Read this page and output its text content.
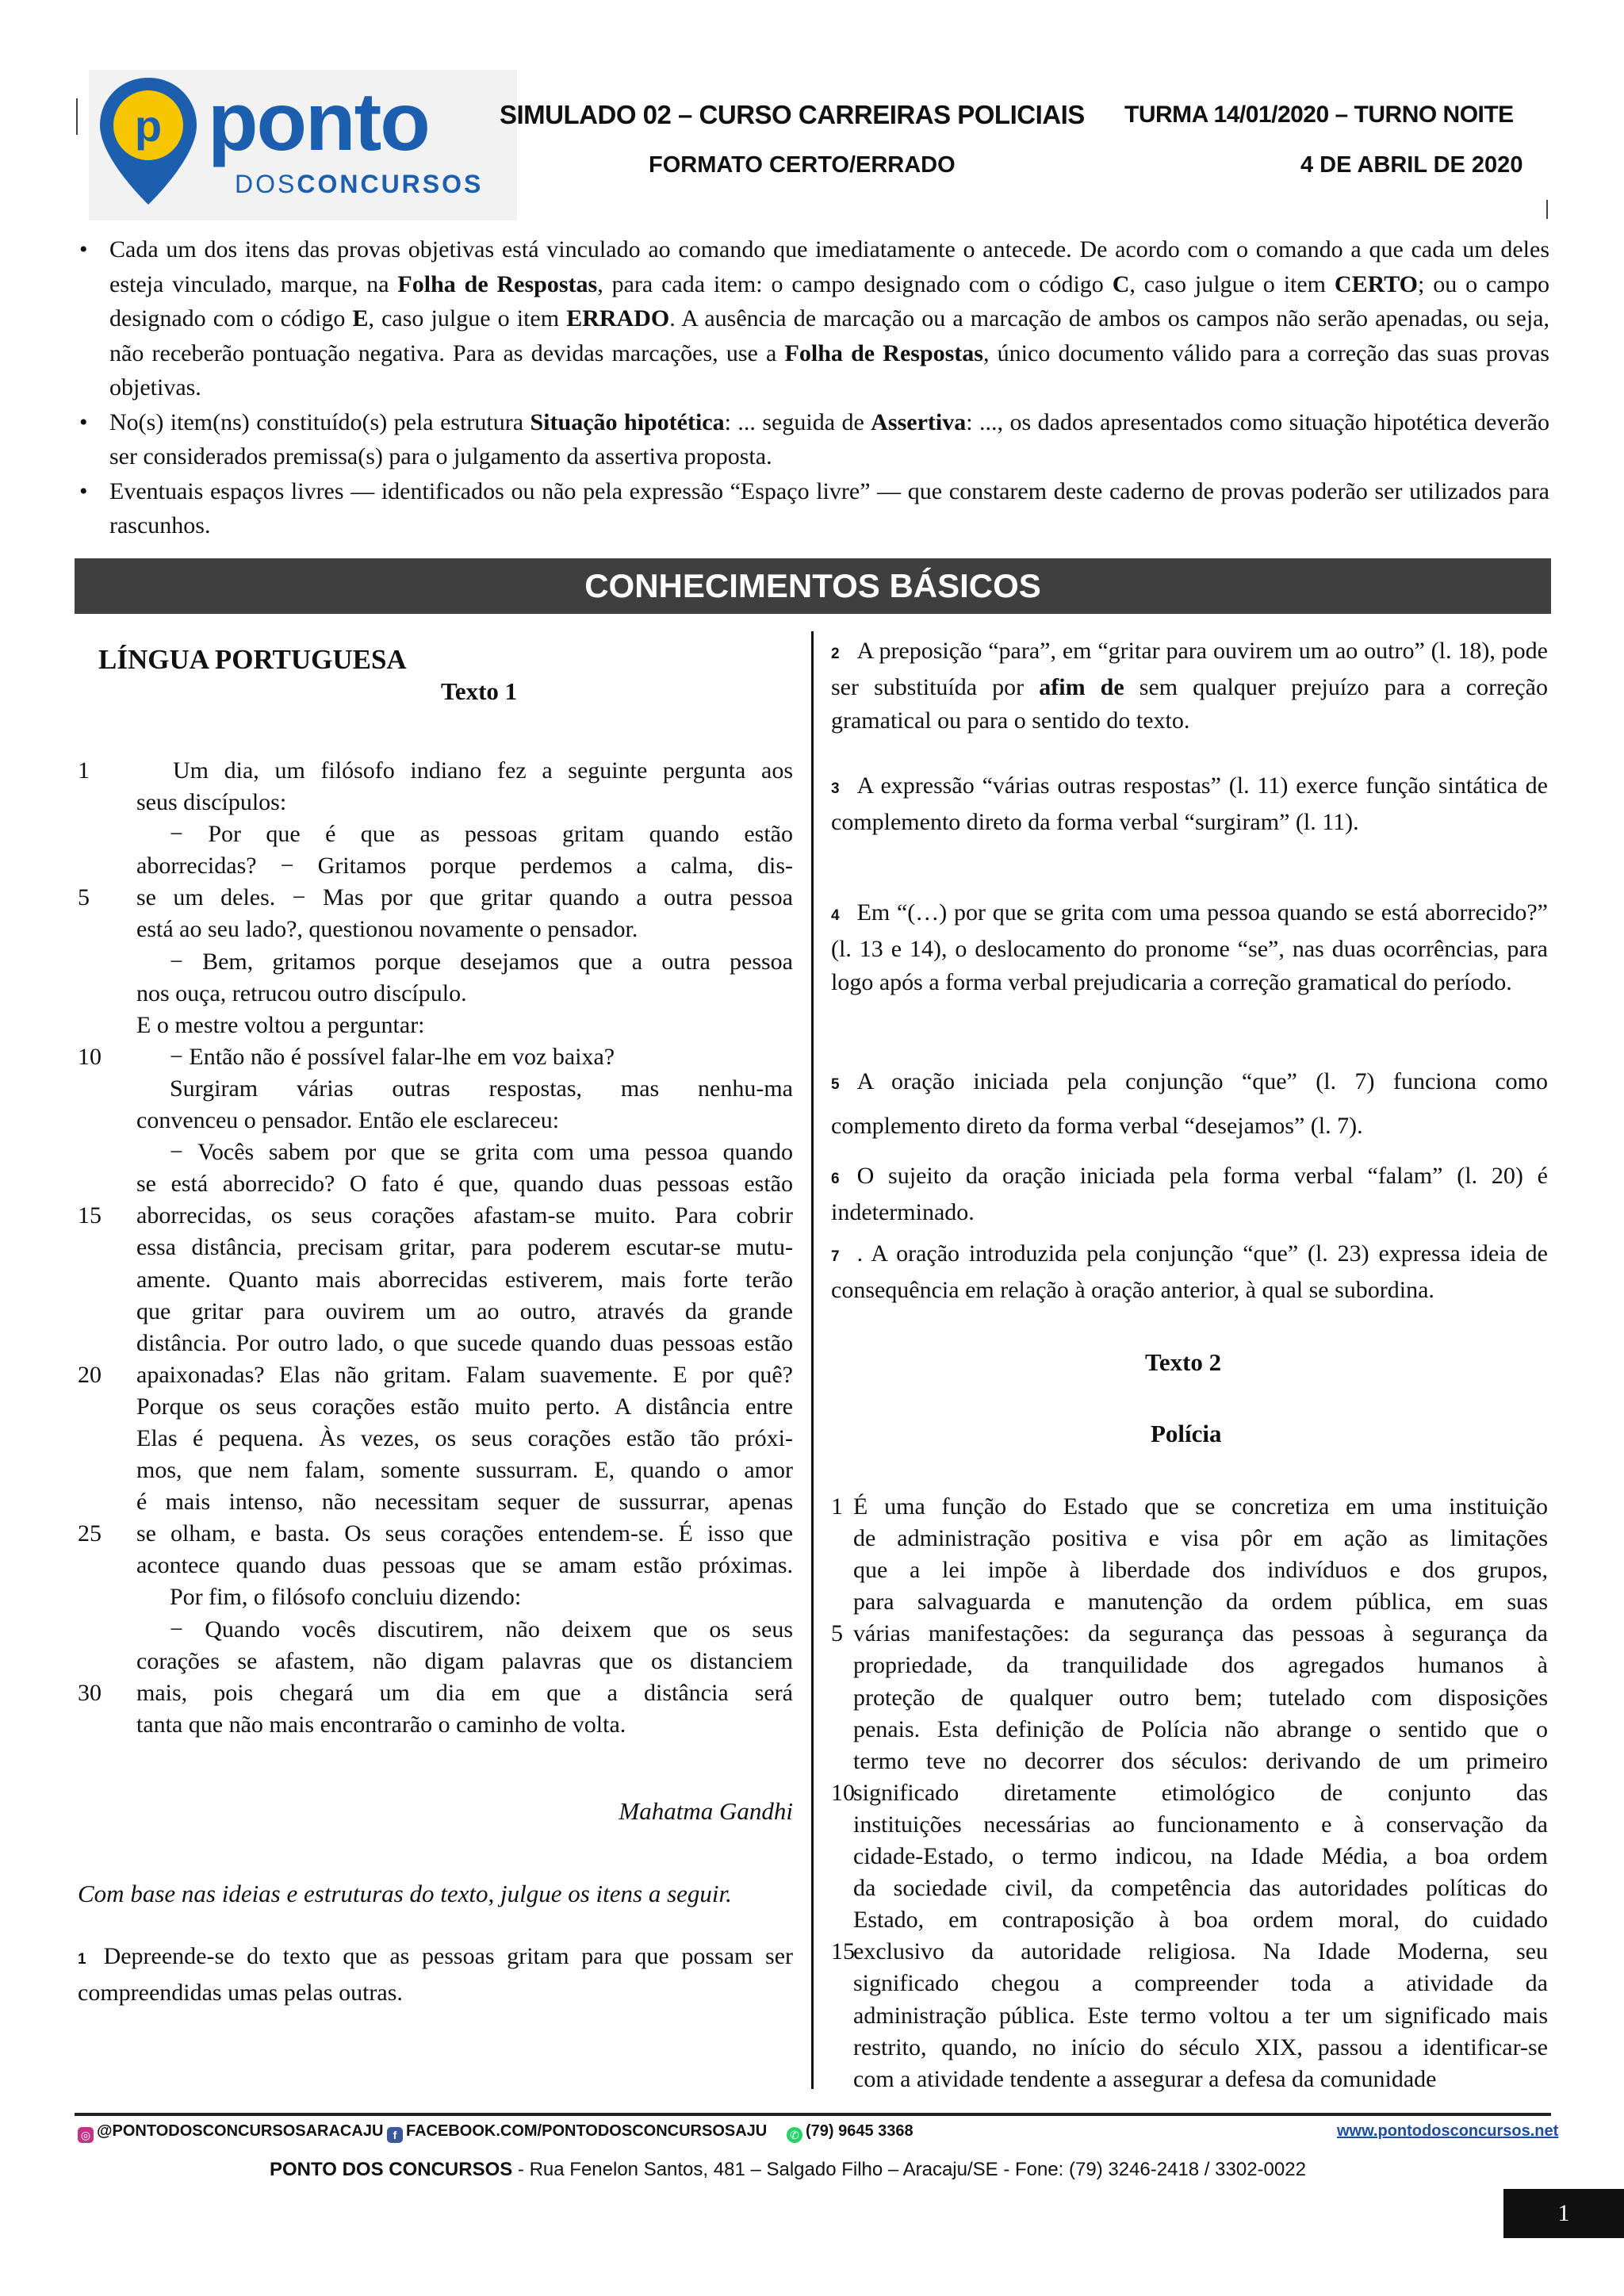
p ponto
DOSCONCURSOS
SIMULADO 02 – CURSO CARREIRAS POLICIAIS TURMA 14/01/2020 – TURNO NOITE
FORMATO CERTO/ERRADO	4 DE ABRIL DE 2020
• Cada um dos itens das provas objetivas está vinculado ao comando que imediatamente o antecede. De acordo com o comando a que cada um deles esteja vinculado, marque, na Folha de Respostas, para cada item: o campo designado com o código C, caso julgue o item CERTO; ou o campo designado com o código E, caso julgue o item ERRADO. A ausência de marcação ou a marcação de ambos os campos não serão apenadas, ou seja, não receberão pontuação negativa. Para as devidas marcações, use a Folha de Respostas, único documento válido para a correção das suas provas objetivas.
• No(s) item(ns) constituído(s) pela estrutura Situação hipotética: ... seguida de Assertiva: ..., os dados apresentados como situação hipotética deverão ser considerados premissa(s) para o julgamento da assertiva proposta.
• Eventuais espaços livres — identificados ou não pela expressão “Espaço livre” — que constarem deste caderno de provas poderão ser utilizados para rascunhos.
CONHECIMENTOS BÁSICOS
LÍNGUA PORTUGUESA
Texto 1
1	Um dia, um filósofo indiano fez a seguinte pergunta aos
seus discípulos:
− Por que é que as pessoas gritam quando estão
aborrecidas? − Gritamos porque perdemos a calma, dis-
5	se um deles. − Mas por que gritar quando a outra pessoa
está ao seu lado?, questionou novamente o pensador.
− Bem, gritamos porque desejamos que a outra pessoa
nos ouça, retrucou outro discípulo.
E o mestre voltou a perguntar:
10	− Então não é possível falar-lhe em voz baixa?
Surgiram várias outras respostas, mas nenhu-ma
convenceu o pensador. Então ele esclareceu:
− Vocês sabem por que se grita com uma pessoa quando
se está aborrecido? O fato é que, quando duas pessoas estão
15	aborrecidas, os seus corações afastam-se muito. Para cobrir
essa distância, precisam gritar, para poderem escutar-se mutu-
amente. Quanto mais aborrecidas estiverem, mais forte terão
que gritar para ouvirem um ao outro, através da grande
distância. Por outro lado, o que sucede quando duas pessoas estão
20	apaixonadas? Elas não gritam. Falam suavemente. E por quê?
Porque os seus corações estão muito perto. A distância entre
Elas é pequena. Às vezes, os seus corações estão tão próxi-
mos, que nem falam, somente sussurram. E, quando o amor
é mais intenso, não necessitam sequer de sussurrar, apenas
25	se olham, e basta. Os seus corações entendem-se. É isso que
acontece quando duas pessoas que se amam estão próximas.
Por fim, o filósofo concluiu dizendo:
− Quando vocês discutirem, não deixem que os seus
corações se afastem, não digam palavras que os distanciem
30	mais, pois chegará um dia em que a distância será
tanta que não mais encontrarão o caminho de volta.
Mahatma Gandhi
Com base nas ideias e estruturas do texto, julgue os itens a seguir.
1 Depreende-se do texto que as pessoas gritam para que possam ser compreendidas umas pelas outras.
2 A preposição “para”, em “gritar para ouvirem um ao outro” (l. 18), pode ser substituída por afim de sem qualquer prejuízo para a correção gramatical ou para o sentido do texto.
3 A expressão “várias outras respostas” (l. 11) exerce função sintática de complemento direto da forma verbal “surgiram” (l. 11).
4 Em “(…) por que se grita com uma pessoa quando se está aborrecido?” (l. 13 e 14), o deslocamento do pronome “se”, nas duas ocorrências, para logo após a forma verbal prejudicaria a correção gramatical do período.
5 A oração iniciada pela conjunção “que” (l. 7) funciona como complemento direto da forma verbal “desejamos” (l. 7).
6 O sujeito da oração iniciada pela forma verbal “falam” (l. 20) é indeterminado.
7 . A oração introduzida pela conjunção “que” (l. 23) expressa ideia de consequência em relação à oração anterior, à qual se subordina.
Texto 2
Polícia
1 É uma função do Estado que se concretiza em uma instituição
de administração positiva e visa pôr em ação as limitações
que a lei impõe à liberdade dos indivíduos e dos grupos,
para salvaguarda e manutenção da ordem pública, em suas
5 várias manifestações: da segurança das pessoas à segurança da
propriedade, da tranquilidade dos agregados humanos à
proteção de qualquer outro bem; tutelado com disposições
penais. Esta definição de Polícia não abrange o sentido que o
termo teve no decorrer dos séculos: derivando de um primeiro
10
significado diretamente etimológico de conjunto das
instituições necessárias ao funcionamento e à conservação da
cidade-Estado, o termo indicou, na Idade Média, a boa ordem
da sociedade civil, da competência das autoridades políticas do
Estado, em contraposição à boa ordem moral, do cuidado
15
exclusivo da autoridade religiosa. Na Idade Moderna, seu
significado chegou a compreender toda a atividade da
administração pública. Este termo voltou a ter um significado mais
restrito, quando, no início do século XIX, passou a identificar-se
com a atividade tendente a assegurar a defesa da comunidade
◎ @PONTODOSCONCURSOSARACAJU f FACEBOOK.COM/PONTODOSCONCURSOSAJU ✆ (79) 9645 3368	www.pontodosconcursos.net
PONTO DOS CONCURSOS - Rua Fenelon Santos, 481 – Salgado Filho – Aracaju/SE - Fone: (79) 3246-2418 / 3302-0022
1
